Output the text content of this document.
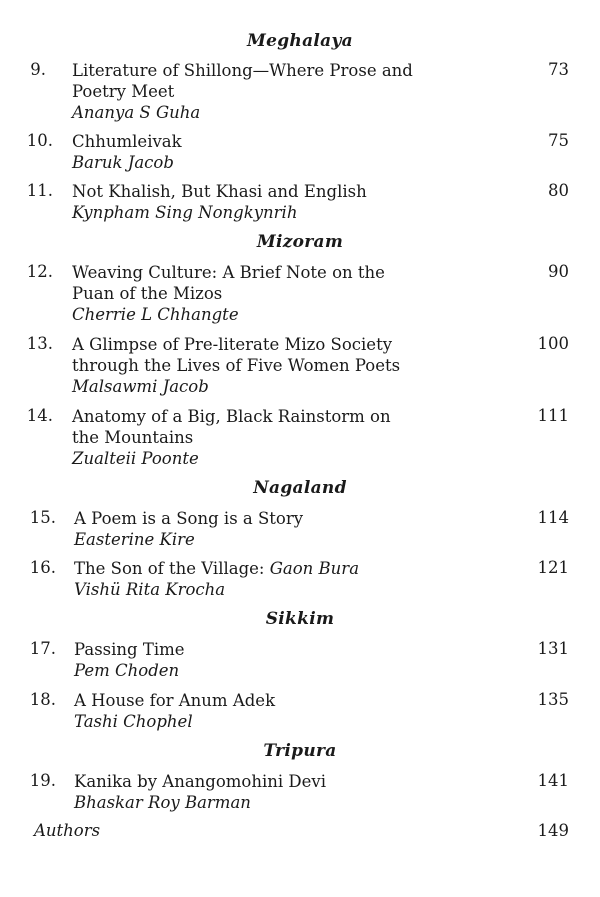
Meghalaya
9. Literature of Shillong—Where Prose and
Poetry Meet
Ananya S Guha
73
10. Chhumleivak
Baruk Jacob
75
11. Not Khalish, But Khasi and English
Kynpham Sing Nongkynrih
80
Mizoram
12. Weaving Culture: A Brief Note on the
Puan of the Mizos
Cherrie L Chhangte
90
13. A Glimpse of Pre-literate Mizo Society
through the Lives of Five Women Poets
Malsawmi Jacob
100
14. Anatomy of a Big, Black Rainstorm on
the Mountains
Zualteii Poonte
111
Nagaland
15. A Poem is a Song is a Story
Easterine Kire
114
16. The Son of the Village: Gaon Bura
Vishü Rita Krocha
121
Sikkim
17. Passing Time
Pem Choden
131
18. A House for Anum Adek
Tashi Chophel
135
Tripura
19. Kanika by Anangomohini Devi
Bhaskar Roy Barman
141
Authors	149
